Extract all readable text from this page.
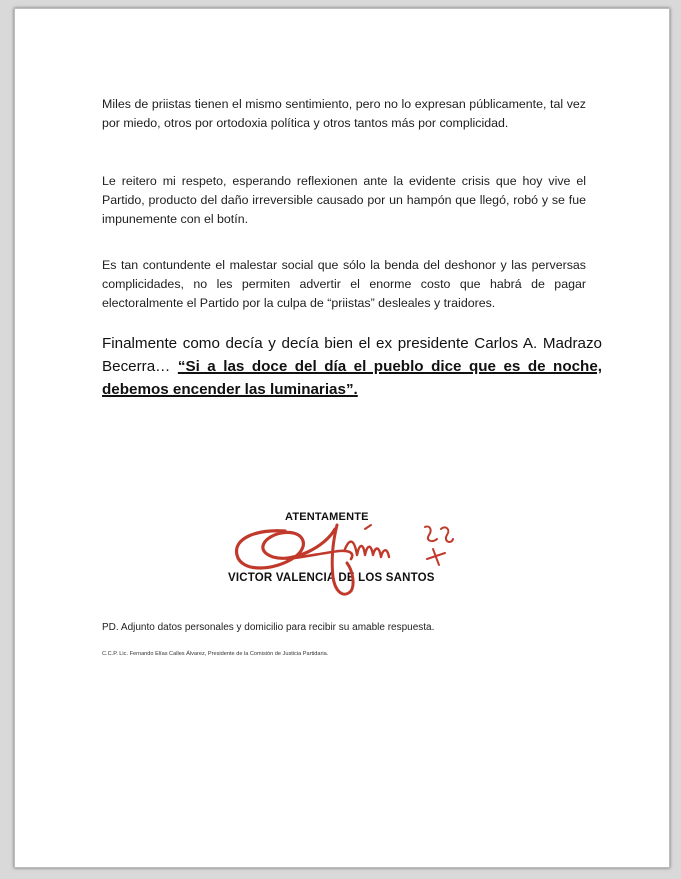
Miles de priistas tienen el mismo sentimiento, pero no lo expresan públicamente, tal vez por miedo, otros por ortodoxia política y otros tantos más por complicidad.

Le reitero mi respeto, esperando reflexionen ante la evidente crisis que hoy vive el Partido, producto del daño irreversible causado por un hampón que llegó, robó y se fue impunemente con el botín.

Es tan contundente el malestar social que sólo la benda del deshonor y las perversas complicidades, no les permiten advertir el enorme costo que habrá de pagar electoralmente el Partido por la culpa de “priistas” desleales y traidores.

Finalmente como decía y decía bien el ex presidente Carlos A. Madrazo Becerra… “Si a las doce del día el pueblo dice que es de noche, debemos encender las luminarias”.

ATENTAMENTE
VICTOR VALENCIA DE LOS SANTOS
PD. Adjunto datos personales y domicilio para recibir su amable respuesta.
C.C.P. Lic. Fernando Elías Calles Álvarez, Presidente de la Comisión de Justicia Partidaria.
